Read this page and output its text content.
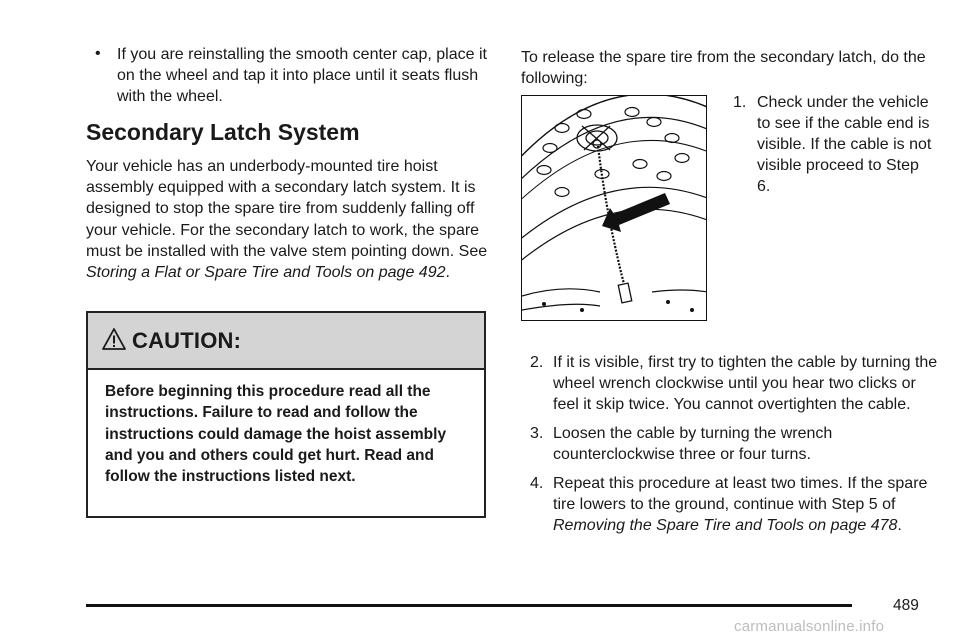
•	If you are reinstalling the smooth center cap, place it on the wheel and tap it into place until it seats flush with the wheel.
Secondary Latch System

Your vehicle has an underbody-mounted tire hoist assembly equipped with a secondary latch system. It is designed to stop the spare tire from suddenly falling off your vehicle. For the secondary latch to work, the spare must be installed with the valve stem pointing down. See Storing a Flat or Spare Tire and Tools on page 492.

CAUTION:
Before beginning this procedure read all the instructions. Failure to read and follow the instructions could damage the hoist assembly and you and others could get hurt. Read and follow the instructions listed next.

To release the spare tire from the secondary latch, do the following:

1. Check under the vehicle to see if the cable end is visible. If the cable is not visible proceed to Step 6.
2. If it is visible, first try to tighten the cable by turning the wheel wrench clockwise until you hear two clicks or feel it skip twice. You cannot overtighten the cable.
3. Loosen the cable by turning the wrench counterclockwise three or four turns.
4. Repeat this procedure at least two times. If the spare tire lowers to the ground, continue with Step 5 of Removing the Spare Tire and Tools on page 478.
489
carmanualsonline.info
